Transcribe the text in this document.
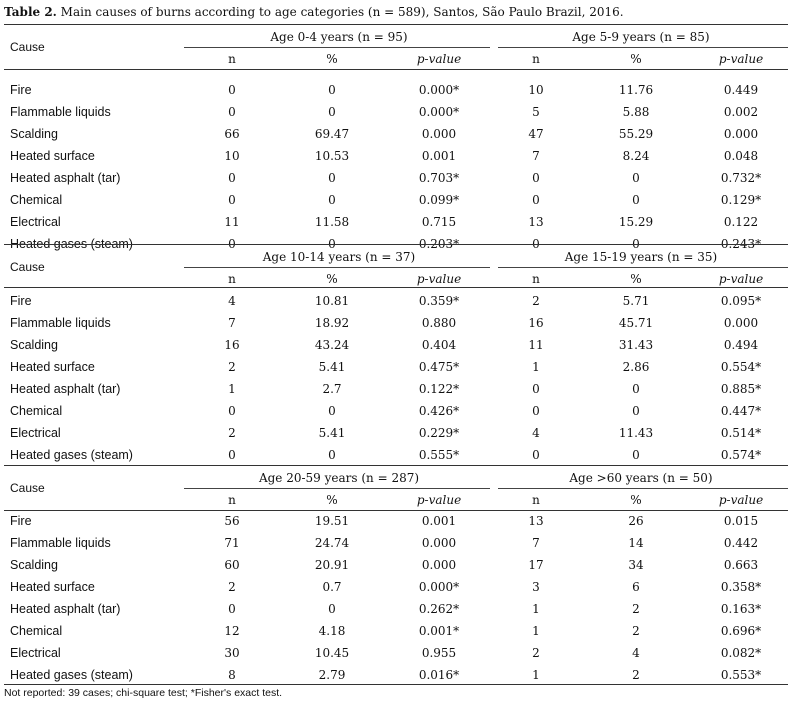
Table 2. Main causes of burns according to age categories (n = 589), Santos, São Paulo Brazil, 2016.
Cause
Age 0-4 years (n = 95)	Age 5-9 years (n = 85)
n	%	p-value	n	%	p-value
Fire	0	0	0.000*	10	11.76	0.449
Flammable liquids	0	0	0.000*	5	5.88	0.002
Scalding	66	69.47	0.000	47	55.29	0.000
Heated surface	10	10.53	0.001	7	8.24	0.048
Heated asphalt (tar)	0	0	0.703*	0	0	0.732*
Chemical	0	0	0.099*	0	0	0.129*
Electrical	11	11.58	0.715	13	15.29	0.122
Heated gases (steam)	0	0	0.203*	0	0	0.243*
Cause
Age 10-14 years (n = 37)	Age 15-19 years (n = 35)
n	%	p-value	n	%	p-value
Fire	4	10.81	0.359*	2	5.71	0.095*
Flammable liquids	7	18.92	0.880	16	45.71	0.000
Scalding	16	43.24	0.404	11	31.43	0.494
Heated surface	2	5.41	0.475*	1	2.86	0.554*
Heated asphalt (tar)	1	2.7	0.122*	0	0	0.885*
Chemical	0	0	0.426*	0	0	0.447*
Electrical	2	5.41	0.229*	4	11.43	0.514*
Heated gases (steam)	0	0	0.555*	0	0	0.574*
Cause
Age 20-59 years (n = 287)	Age >60 years (n = 50)
n	%	p-value	n	%	p-value
Fire	56	19.51	0.001	13	26	0.015
Flammable liquids	71	24.74	0.000	7	14	0.442
Scalding	60	20.91	0.000	17	34	0.663
Heated surface	2	0.7	0.000*	3	6	0.358*
Heated asphalt (tar)	0	0	0.262*	1	2	0.163*
Chemical	12	4.18	0.001*	1	2	0.696*
Electrical	30	10.45	0.955	2	4	0.082*
Heated gases (steam)	8	2.79	0.016*	1	2	0.553*
Not reported: 39 cases; chi-square test; *Fisher's exact test.
